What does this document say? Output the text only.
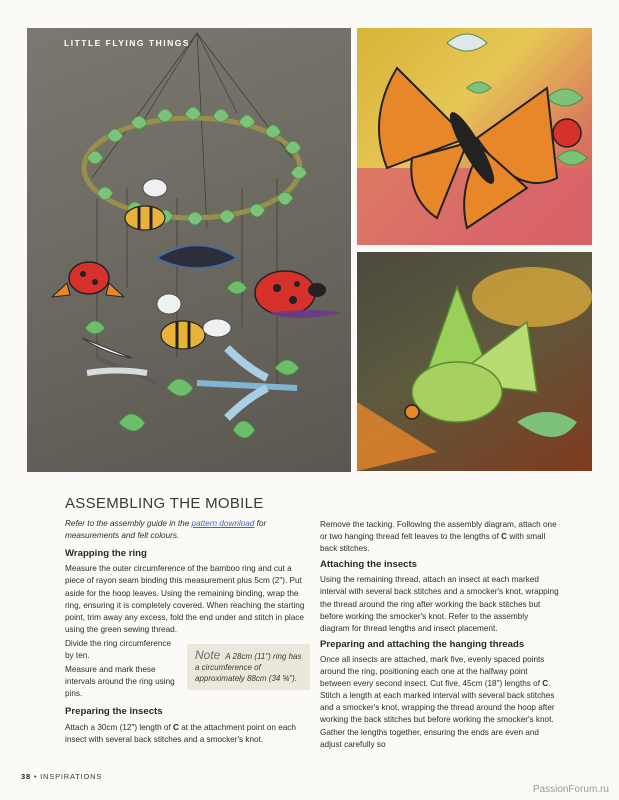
LITTLE FLYING THINGS
ASSEMBLING THE MOBILE

Refer to the assembly guide in the pattern download for measurements and felt colours.

Wrapping the ring

Measure the outer circumference of the bamboo ring and cut a piece of rayon seam binding this measurement plus 5cm (2"). Put aside for the hoop leaves. Using the remaining binding, wrap the ring, ensuring it is completely covered. When reaching the starting point, trim away any excess, fold the end under and stitch in place using the green sewing thread.

Divide the ring circumference by ten.

Measure and mark these intervals around the ring using pins.

Note A 28cm (11") ring has a circumference of approximately 88cm (34 ⅝").
Preparing the insects

Attach a 30cm (12") length of C at the attachment point on each insect with several back stitches and a smocker's knot.

Remove the tacking. Following the assembly diagram, attach one or two hanging thread felt leaves to the lengths of C with small back stitches.

Attaching the insects

Using the remaining thread, attach an insect at each marked interval with several back stitches and a smocker's knot, wrapping the thread around the ring after working the back stitches but before working the smocker's knot. Refer to the assembly diagram for thread lengths and insect placement.

Preparing and attaching the hanging threads

Once all insects are attached, mark five, evenly spaced points around the ring, positioning each one at the halfway point between every second insect. Cut five, 45cm (18") lengths of C. Stitch a length at each marked interval with several back stitches and a smocker's knot, wrapping the thread around the hoop after working the back stitches but before working the smocker's knot. Gather the lengths together, ensuring the ends are even and adjust carefully so

38 • INSPIRATIONS
PassionForum.ru
